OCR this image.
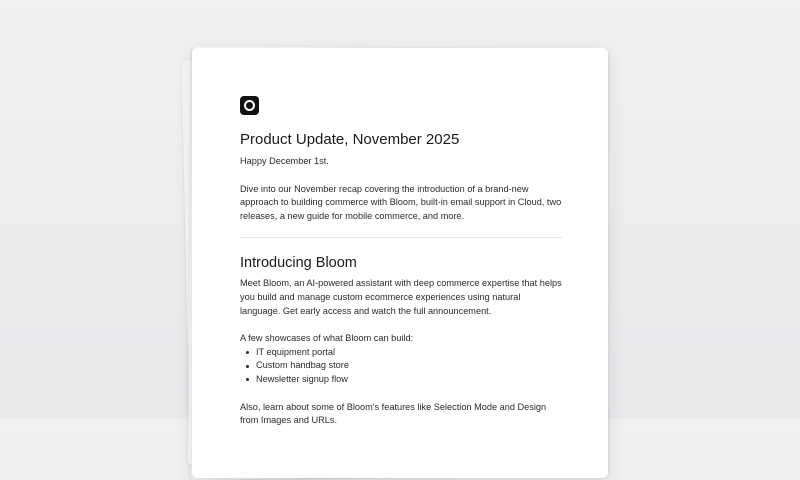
Product Update, November 2025

Happy December 1st.

Dive into our November recap covering the introduction of a brand-new approach to building commerce with Bloom, built-in email support in Cloud, two releases, a new guide for mobile commerce, and more.

Introducing Bloom

Meet Bloom, an AI-powered assistant with deep commerce expertise that helps you build and manage custom ecommerce experiences using natural language. Get early access and watch the full announcement.

A few showcases of what Bloom can build:

IT equipment portal
Custom handbag store
Newsletter signup flow

Also, learn about some of Bloom's features like Selection Mode and Design from Images and URLs.
